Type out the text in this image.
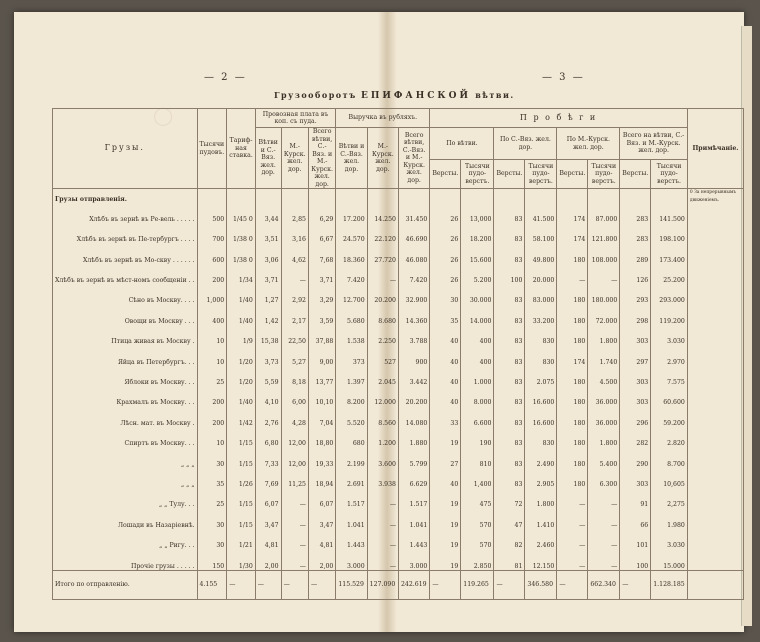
◯
— 2 —	— 3 —
Грузооборотъ ЕПИФАНСКОЙ вѣтви.
Грузы.	Тысячи пудовъ.	Тариф-ная ставка.	Провозная плата въ коп. съ пуда.			Выручка въ рубляхъ.			П р о б ѣ г и								Примѣчаніе.
			Вѣтви и С.-Вяз. жел. дор.	М.-Курск. жел. дор.	Всего вѣтви, С.-Вяз. и М.-Курск. жел. дор.	Вѣтви и С.-Вяз. жел. дор.	М.-Курск. жел. дор.	Всего вѣтви, С.-Вяз. и М.-Курск. жел. дор.	По вѣтви.		По С.-Вяз. жел. дор.		По М.-Курск. жел. дор.		Всего на вѣтви, С.-Вяз. и М.-Курск. жел. дор.		
									Версты.	Тысячи пудо-верстъ.	Версты.	Тысячи пудо-верстъ.	Версты.	Тысячи пудо-верстъ.	Версты.	Тысячи пудо-верстъ.	
Грузы отправленія.																	0 За непрерывнымъ движеніемъ.
Хлѣбъ въ зернѣ въ Ре-вель . . . . .	500	1/45 0	3,44	2,85	6,29	17.200	14.250	31.450	26	13,000	83	41.500	174	87.000	283	141.500	
Хлѣбъ въ зернѣ въ Пе-тербургъ . . . .	700	1/38 0	3,51	3,16	6,67	24.570	22.120	46.690	26	18.200	83	58.100	174	121.800	283	198.100	
Хлѣбъ въ зернѣ въ Мо-скву . . . . . .	600	1/38 0	3,06	4,62	7,68	18.360	27.720	46.080	26	15.600	83	49.800	180	108.000	289	173.400	
Хлѣбъ въ зернѣ въ мѣст-номъ сообщеніи . .	200	1/34	3,71	—	3,71	7.420	—	7.420	26	5.200	100	20.000	—	—	126	25.200	
Сѣно въ Москву. . . .	1,000	1/40	1,27	2,92	3,29	12.700	20.200	32.900	30	30.000	83	83.000	180	180.000	293	293.000	
Овощи въ Москву . . .	400	1/40	1,42	2,17	3,59	5.680	8.680	14.360	35	14.000	83	33.200	180	72.000	298	119.200	
Птица живая въ Москву .	10	1/9	15,38	22,50	37,88	1.538	2.250	3.788	40	400	83	830	180	1.800	303	3.030	
Яйца въ Петербургъ. . .	10	1/20	3,73	5,27	9,00	373	527	900	40	400	83	830	174	1.740	297	2.970	
Яблоки въ Москву. . .	25	1/20	5,59	8,18	13,77	1.397	2.045	3.442	40	1.000	83	2.075	180	4.500	303	7.575	
Крахмалъ въ Москву. . .	200	1/40	4,10	6,00	10,10	8.200	12.000	20.200	40	8.000	83	16.600	180	36.000	303	60.600	
Лѣсн. мат. въ Москву .	200	1/42	2,76	4,28	7,04	5.520	8.560	14.080	33	6.600	83	16.600	180	36.000	296	59.200	
Спиртъ въ Москву. . .	10	1/15	6,80	12,00	18,80	680	1.200	1.880	19	190	83	830	180	1.800	282	2.820	
„ „ „	30	1/15	7,33	12,00	19,33	2.199	3.600	5.799	27	810	83	2.490	180	5.400	290	8.700	
„ „ „	35	1/26	7,69	11,25	18,94	2.691	3.938	6.629	40	1,400	83	2.905	180	6.300	303	10,605	
„ „ Тулу. . .	25	1/15	6,07	—	6,07	1.517	—	1.517	19	475	72	1.800	—	—	91	2,275	
Лошади въ Назаріевнѣ.	30	1/15	3,47	—	3,47	1.041	—	1.041	19	570	47	1.410	—	—	66	1.980	
„ „ Ригу. . .	30	1/21	4,81	—	4,81	1.443	—	1.443	19	570	82	2.460	—	—	101	3.030	
Прочіе грузы . . . . .	150	1/30	2,00	—	2,00	3.000	—	3.000	19	2.850	81	12.150	—	—	100	15.000	
Итого по отправленію.	4.155	—	—	—	—	115.529	127.090	242.619	—	119.265	—	346.580	—	662.340	—	1.128.185	
